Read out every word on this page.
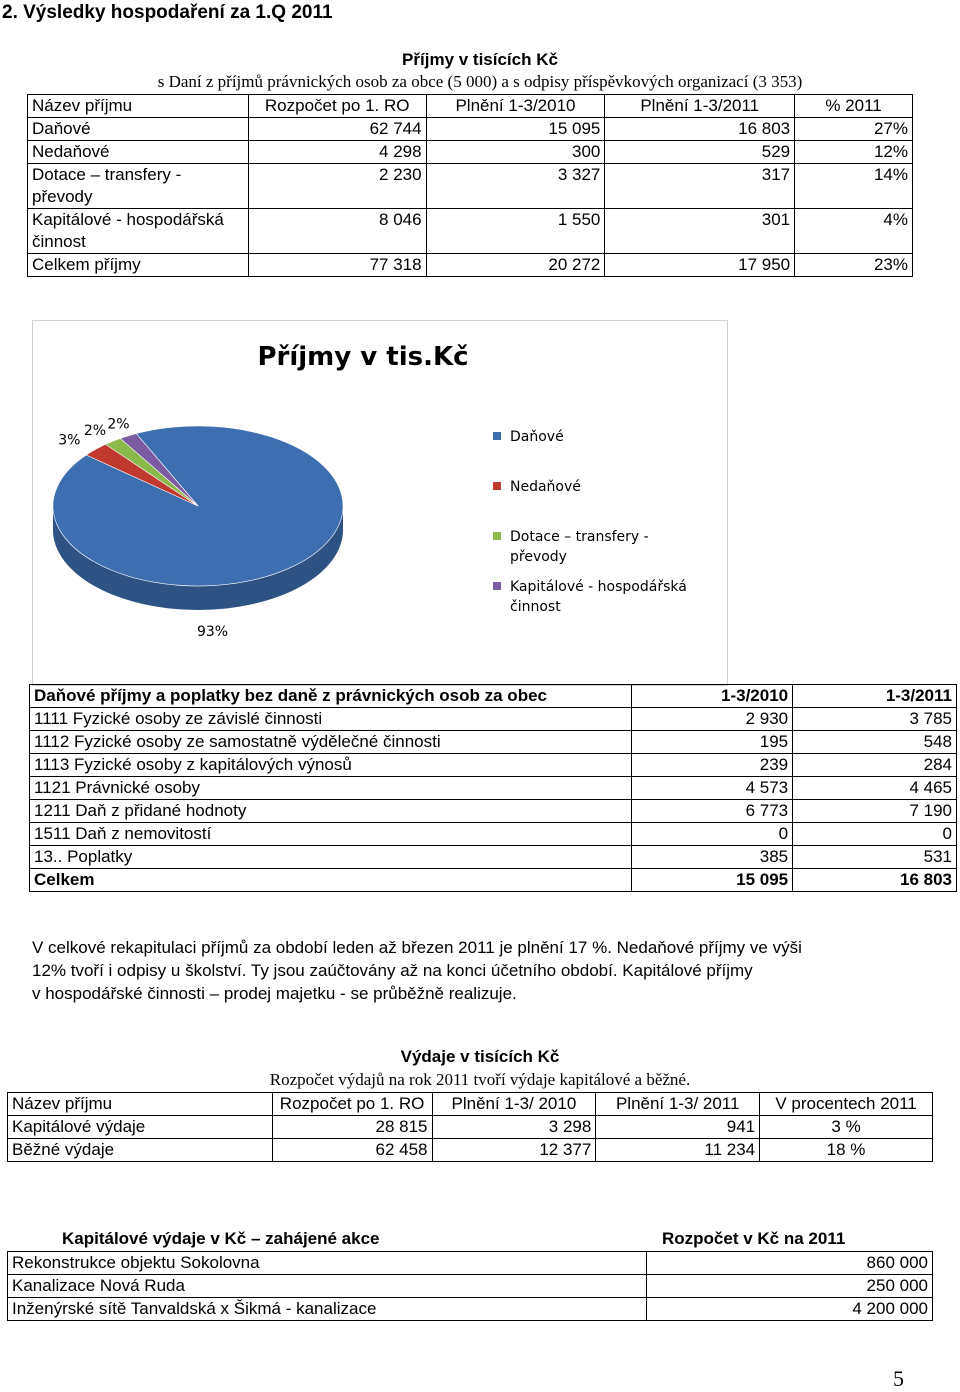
2. Výsledky hospodaření za 1.Q 2011
Příjmy v tisících Kč
s Daní z příjmů právnických osob za obce (5 000) a s odpisy příspěvkových organizací (3 353)
Název příjmu	Rozpočet po 1. RO	Plnění 1-3/2010	Plnění 1-3/2011	% 2011
Daňové	62 744	15 095	16 803	27%
Nedaňové	4 298	300	529	12%
Dotace – transfery - převody	2 230	3 327	317	14%
Kapitálové - hospodářská činnost	8 046	1 550	301	4%
Celkem příjmy	77 318	20 272	17 950	23%
Příjmy v tis.Kč
93%
3%
2% 2%
Daňové
Nedaňové
Dotace – transfery -převody
Kapitálové - hospodářská činnost
Daňové příjmy a poplatky bez daně z právnických osob za obec	1-3/2010	1-3/2011
1111 Fyzické osoby ze závislé činnosti	2 930	3 785
1112 Fyzické osoby ze samostatně výdělečné činnosti	195	548
1113 Fyzické osoby z kapitálových výnosů	239	284
1121 Právnické osoby	4 573	4 465
1211 Daň z přidané hodnoty	6 773	7 190
1511 Daň z nemovitostí	0	0
13.. Poplatky	385	531
Celkem	15 095	16 803
V celkové rekapitulaci příjmů za období leden až březen 2011 je plnění 17 %. Nedaňové příjmy ve výši
12% tvoří i odpisy u školství. Ty jsou zaúčtovány až na konci účetního období. Kapitálové příjmy
v hospodářské činnosti – prodej majetku - se průběžně realizuje.
Výdaje v tisících Kč
Rozpočet výdajů na rok 2011 tvoří výdaje kapitálové a běžné.
Název příjmu	Rozpočet po 1. RO	Plnění 1-3/ 2010	Plnění 1-3/ 2011	V procentech 2011
Kapitálové výdaje	28 815	3 298	941	3 %
Běžné výdaje	62 458	12 377	11 234	18 %
Kapitálové výdaje v Kč – zahájené akce	Rozpočet v Kč na 2011
Rekonstrukce objektu Sokolovna	860 000
Kanalizace Nová Ruda	250 000
Inženýrské sítě Tanvaldská x Šikmá - kanalizace	4 200 000
5
